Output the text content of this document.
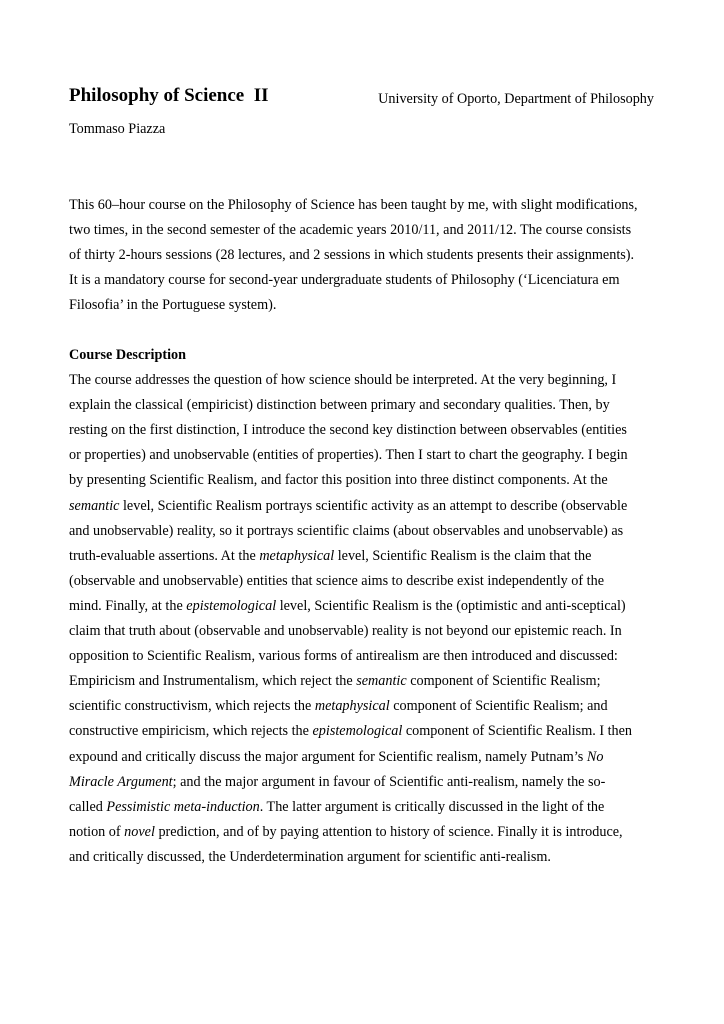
Philosophy of Science  II	University of Oporto, Department of Philosophy
Tommaso Piazza
This 60–hour course on the Philosophy of Science has been taught by me, with slight modifications,
two times, in the second semester of the academic years 2010/11, and 2011/12. The course consists
of thirty 2-hours sessions (28 lectures, and 2 sessions in which students presents their assignments).
It is a mandatory course for second-year undergraduate students of Philosophy (‘Licenciatura em
Filosofia’ in the Portuguese system).
Course Description
The course addresses the question of how science should be interpreted. At the very beginning, I
explain the classical (empiricist) distinction between primary and secondary qualities. Then, by
resting on the first distinction, I introduce the second key distinction between observables (entities
or properties) and unobservable (entities of properties). Then I start to chart the geography. I begin
by presenting Scientific Realism, and factor this position into three distinct components. At the
semantic level, Scientific Realism portrays scientific activity as an attempt to describe (observable
and unobservable) reality, so it portrays scientific claims (about observables and unobservable) as
truth-evaluable assertions. At the metaphysical level, Scientific Realism is the claim that the
(observable and unobservable) entities that science aims to describe exist independently of the
mind. Finally, at the epistemological level, Scientific Realism is the (optimistic and anti-sceptical)
claim that truth about (observable and unobservable) reality is not beyond our epistemic reach. In
opposition to Scientific Realism, various forms of antirealism are then introduced and discussed:
Empiricism and Instrumentalism, which reject the semantic component of Scientific Realism;
scientific constructivism, which rejects the metaphysical component of Scientific Realism; and
constructive empiricism, which rejects the epistemological component of Scientific Realism. I then
expound and critically discuss the major argument for Scientific realism, namely Putnam’s No
Miracle Argument; and the major argument in favour of Scientific anti-realism, namely the so-
called Pessimistic meta-induction. The latter argument is critically discussed in the light of the
notion of novel prediction, and of by paying attention to history of science. Finally it is introduce,
and critically discussed, the Underdetermination argument for scientific anti-realism.
